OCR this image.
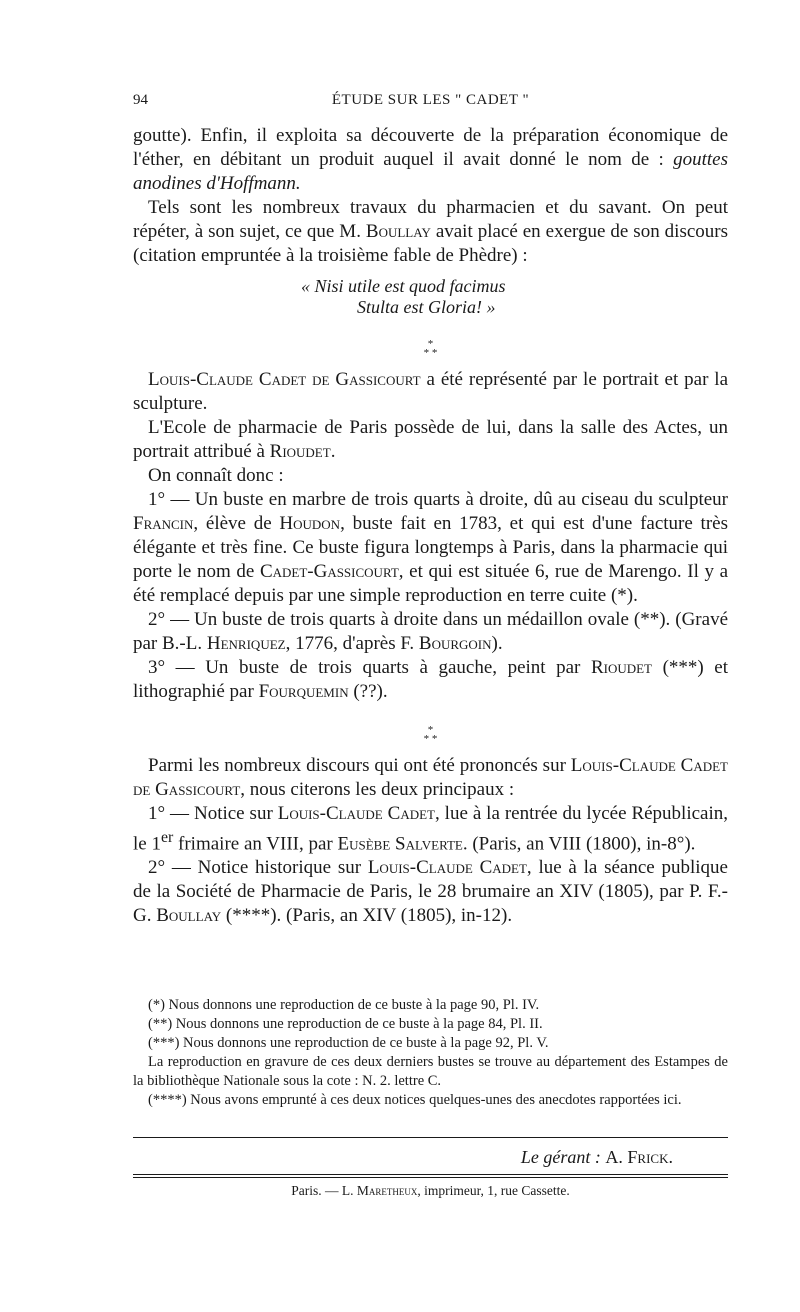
94	ÉTUDE SUR LES " CADET "

goutte). Enfin, il exploita sa découverte de la préparation économique de l'éther, en débitant un produit auquel il avait donné le nom de : gouttes anodines d'Hoffmann.

Tels sont les nombreux travaux du pharmacien et du savant. On peut répéter, à son sujet, ce que M. Boullay avait placé en exergue de son discours (citation empruntée à la troisième fable de Phèdre) :

« Nisi utile est quod facimus
Stulta est Gloria! »
*
* *

Louis-Claude Cadet de Gassicourt a été représenté par le portrait et par la sculpture.

L'Ecole de pharmacie de Paris possède de lui, dans la salle des Actes, un portrait attribué à Rioudet.

On connaît donc :

1° — Un buste en marbre de trois quarts à droite, dû au ciseau du sculpteur Francin, élève de Houdon, buste fait en 1783, et qui est d'une facture très élégante et très fine. Ce buste figura longtemps à Paris, dans la pharmacie qui porte le nom de Cadet-Gassicourt, et qui est située 6, rue de Marengo. Il y a été remplacé depuis par une simple reproduction en terre cuite (*).

2° — Un buste de trois quarts à droite dans un médaillon ovale (**). (Gravé par B.-L. Henriquez, 1776, d'après F. Bourgoin).

3° — Un buste de trois quarts à gauche, peint par Rioudet (***) et lithographié par Fourquemin (??).

*
* *

Parmi les nombreux discours qui ont été prononcés sur Louis-Claude Cadet de Gassicourt, nous citerons les deux principaux :

1° — Notice sur Louis-Claude Cadet, lue à la rentrée du lycée Républicain, le 1er frimaire an VIII, par Eusèbe Salverte. (Paris, an VIII (1800), in-8°).

2° — Notice historique sur Louis-Claude Cadet, lue à la séance publique de la Société de Pharmacie de Paris, le 28 brumaire an XIV (1805), par P. F.-G. Boullay (****). (Paris, an XIV (1805), in-12).

(*) Nous donnons une reproduction de ce buste à la page 90, Pl. IV.

(**) Nous donnons une reproduction de ce buste à la page 84, Pl. II.

(***) Nous donnons une reproduction de ce buste à la page 92, Pl. V.

La reproduction en gravure de ces deux derniers bustes se trouve au département des Estampes de la bibliothèque Nationale sous la cote : N. 2. lettre C.

(****) Nous avons emprunté à ces deux notices quelques-unes des anecdotes rapportées ici.

Le gérant : A. Frick.
Paris. — L. Maretheux, imprimeur, 1, rue Cassette.
